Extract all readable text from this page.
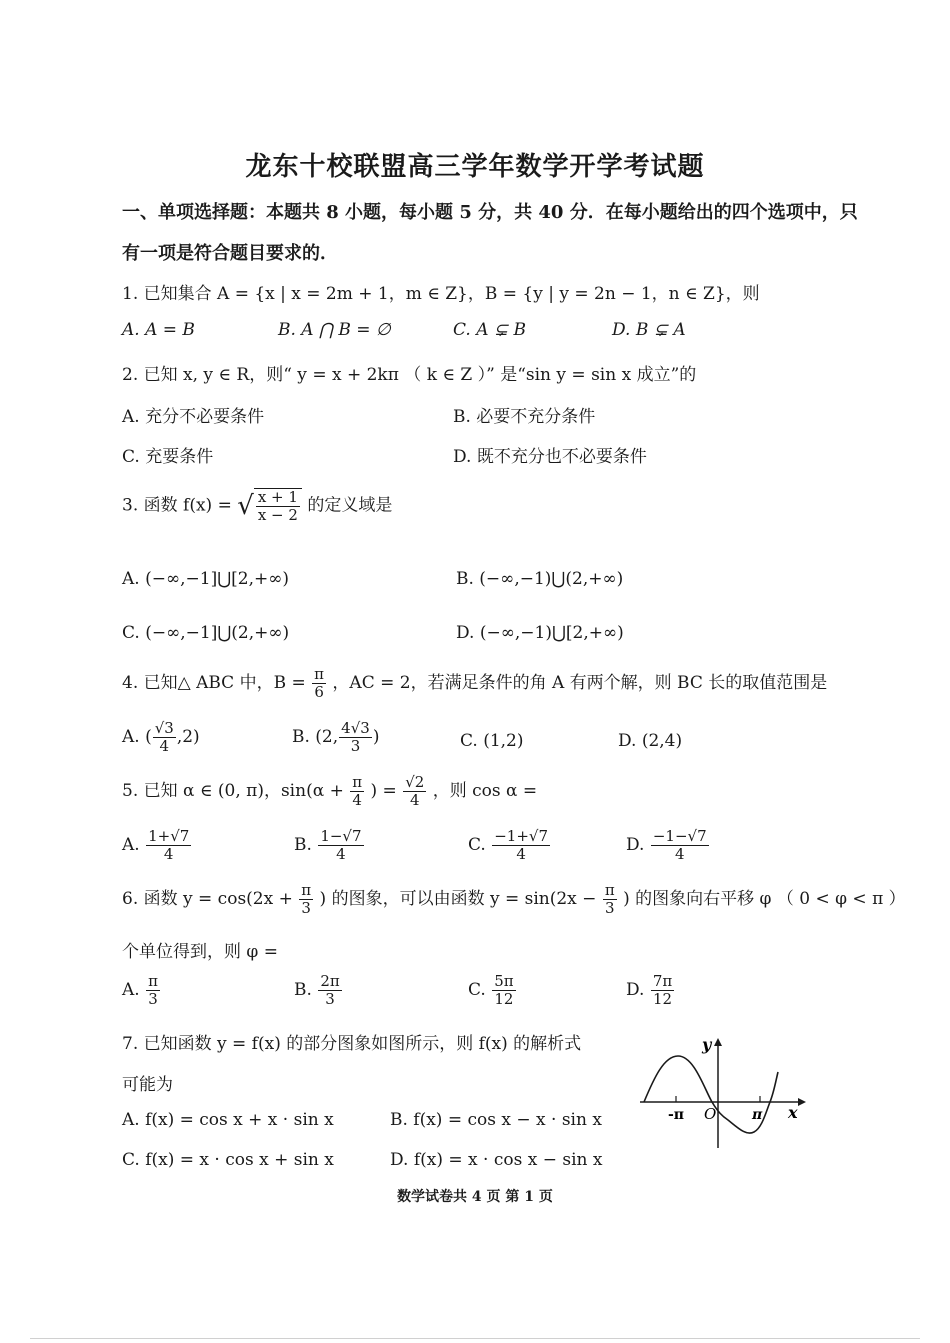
龙东十校联盟高三学年数学开学考试题
一、单项选择题：本题共 8 小题，每小题 5 分，共 40 分．在每小题给出的四个选项中，只
有一项是符合题目要求的．
1. 已知集合 A = {x | x = 2m + 1，m ∈ Z}，B = {y | y = 2n − 1，n ∈ Z}，则
A. A = B	B. A ⋂ B = ∅	C. A ⊊ B	D. B ⊊ A
2. 已知 x, y ∈ R，则“ y = x + 2kπ （ k ∈ Z ）” 是“sin y = sin x 成立”的
A. 充分不必要条件	B. 必要不充分条件
C. 充要条件	D. 既不充分也不必要条件
3. 函数 f(x) = √ $\frac{x + 1}{x - 2}$ 的定义域是
A. (−∞,−1]⋃[2,+∞)	B. (−∞,−1)⋃(2,+∞)
C. (−∞,−1]⋃(2,+∞)	D. (−∞,−1)⋃[2,+∞)
4. 已知△ ABC 中，$B = \frac{\pi}{6}$ ，AC = 2，若满足条件的角 A 有两个解，则 BC 长的取值范围是
A. ( $\frac{√3}{4} ,2$)	B. (2, $\frac{4√3}{3}$ )	C. (1,2)	D. (2,4)
5. 已知 α ∈ (0, π)，$\sin(\alpha + \frac{\pi}{4}$ ) = $\frac{√2}{4}$ ，则 cos α =
A. $\frac{1+√7}{4}$	B. $\frac{1-√7}{4}$	C. $\frac{-1+√7}{4}$	D. $\frac{-1-√7}{4}$
6. 函数 $y = \cos(2x + \frac{\pi}{3}$ ) 的图象，可以由函数 $y = \sin(2x - \frac{\pi}{3}$ ) 的图象向右平移 φ （ 0 < φ < π ）
个单位得到，则 φ =
A. $\frac{\pi}{3}$	B. $\frac{2\pi}{3}$	C. $\frac{5\pi}{12}$	D. $\frac{7\pi}{12}$
7. 已知函数 y = f(x) 的部分图象如图所示，则 f(x) 的解析式
可能为
A. f(x) = cos x + x · sin x	B. f(x) = cos x − x · sin x
C. f(x) = x · cos x + sin x	D. f(x) = x · cos x − sin x
-π	π
O
y
x
数学试卷共 4 页 第 1 页
